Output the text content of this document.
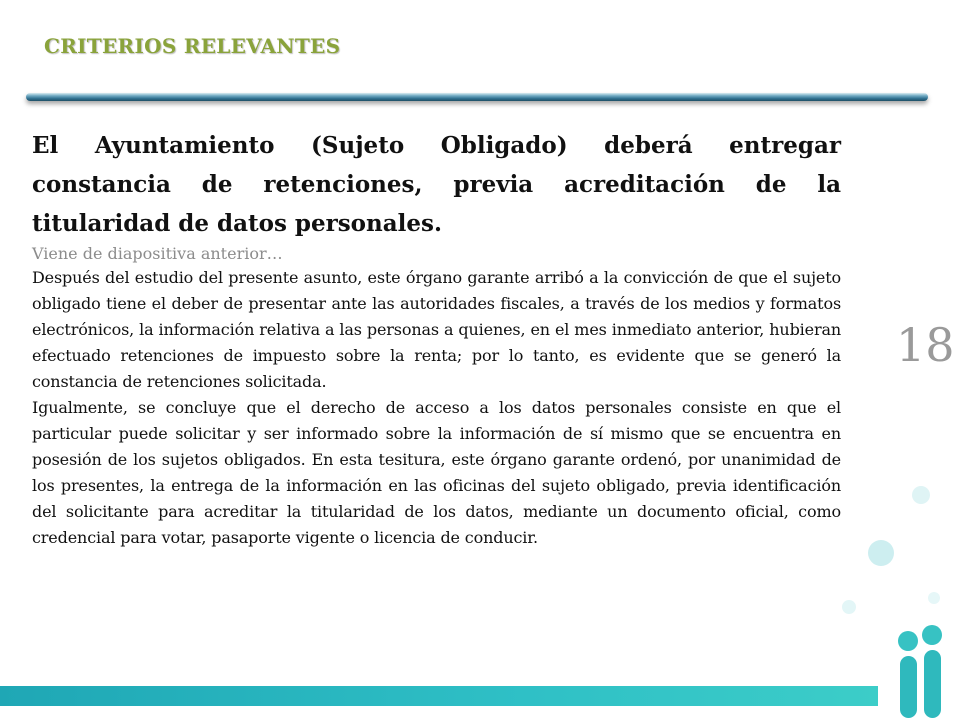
CRITERIOS RELEVANTES
18

El Ayuntamiento (Sujeto Obligado) deberá entregar constancia de retenciones, previa acreditación de la titularidad de datos personales.

Viene de diapositiva anterior…

Después del estudio del presente asunto, este órgano garante arribó a la convicción de que el sujeto obligado tiene el deber de presentar ante las autoridades fiscales, a través de los medios y formatos electrónicos, la información relativa a las personas a quienes, en el mes inmediato anterior, hubieran efectuado retenciones de impuesto sobre la renta; por lo tanto, es evidente que se generó la constancia de retenciones solicitada.

Igualmente, se concluye que el derecho de acceso a los datos personales consiste en que el particular puede solicitar y ser informado sobre la información de sí mismo que se encuentra en posesión de los sujetos obligados. En esta tesitura, este órgano garante ordenó, por unanimidad de los presentes, la entrega de la información en las oficinas del sujeto obligado, previa identificación del solicitante para acreditar la titularidad de los datos, mediante un documento oficial, como credencial para votar, pasaporte vigente o licencia de conducir.
